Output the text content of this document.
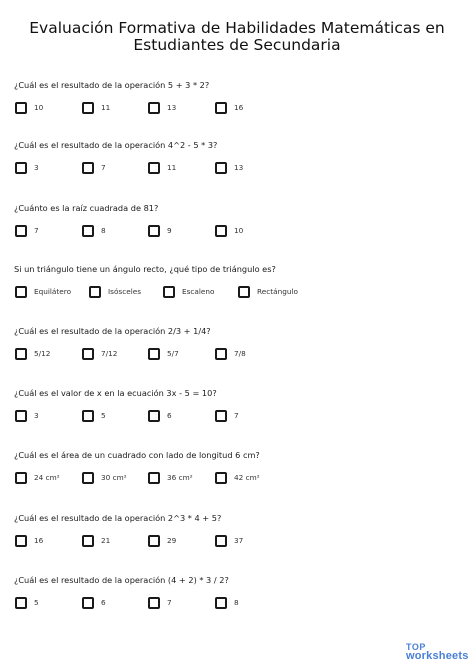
Evaluación Formativa de Habilidades Matemáticas en
Estudiantes de Secundaria
¿Cuál es el resultado de la operación 5 + 3 * 2?
10	11	13	16
¿Cuál es el resultado de la operación 4^2 - 5 * 3?
3	7	11	13
¿Cuánto es la raíz cuadrada de 81?
7	8	9	10
Si un triángulo tiene un ángulo recto, ¿qué tipo de triángulo es?
Equilátero	Isósceles	Escaleno	Rectángulo
¿Cuál es el resultado de la operación 2/3 + 1/4?
5/12	7/12	5/7	7/8
¿Cuál es el valor de x en la ecuación 3x - 5 = 10?
3	5	6	7
¿Cuál es el área de un cuadrado con lado de longitud 6 cm?
24 cm²	30 cm²	36 cm²	42 cm²
¿Cuál es el resultado de la operación 2^3 * 4 + 5?
16	21	29	37
¿Cuál es el resultado de la operación (4 + 2) * 3 / 2?
5	6	7	8
TOP
worksheets
